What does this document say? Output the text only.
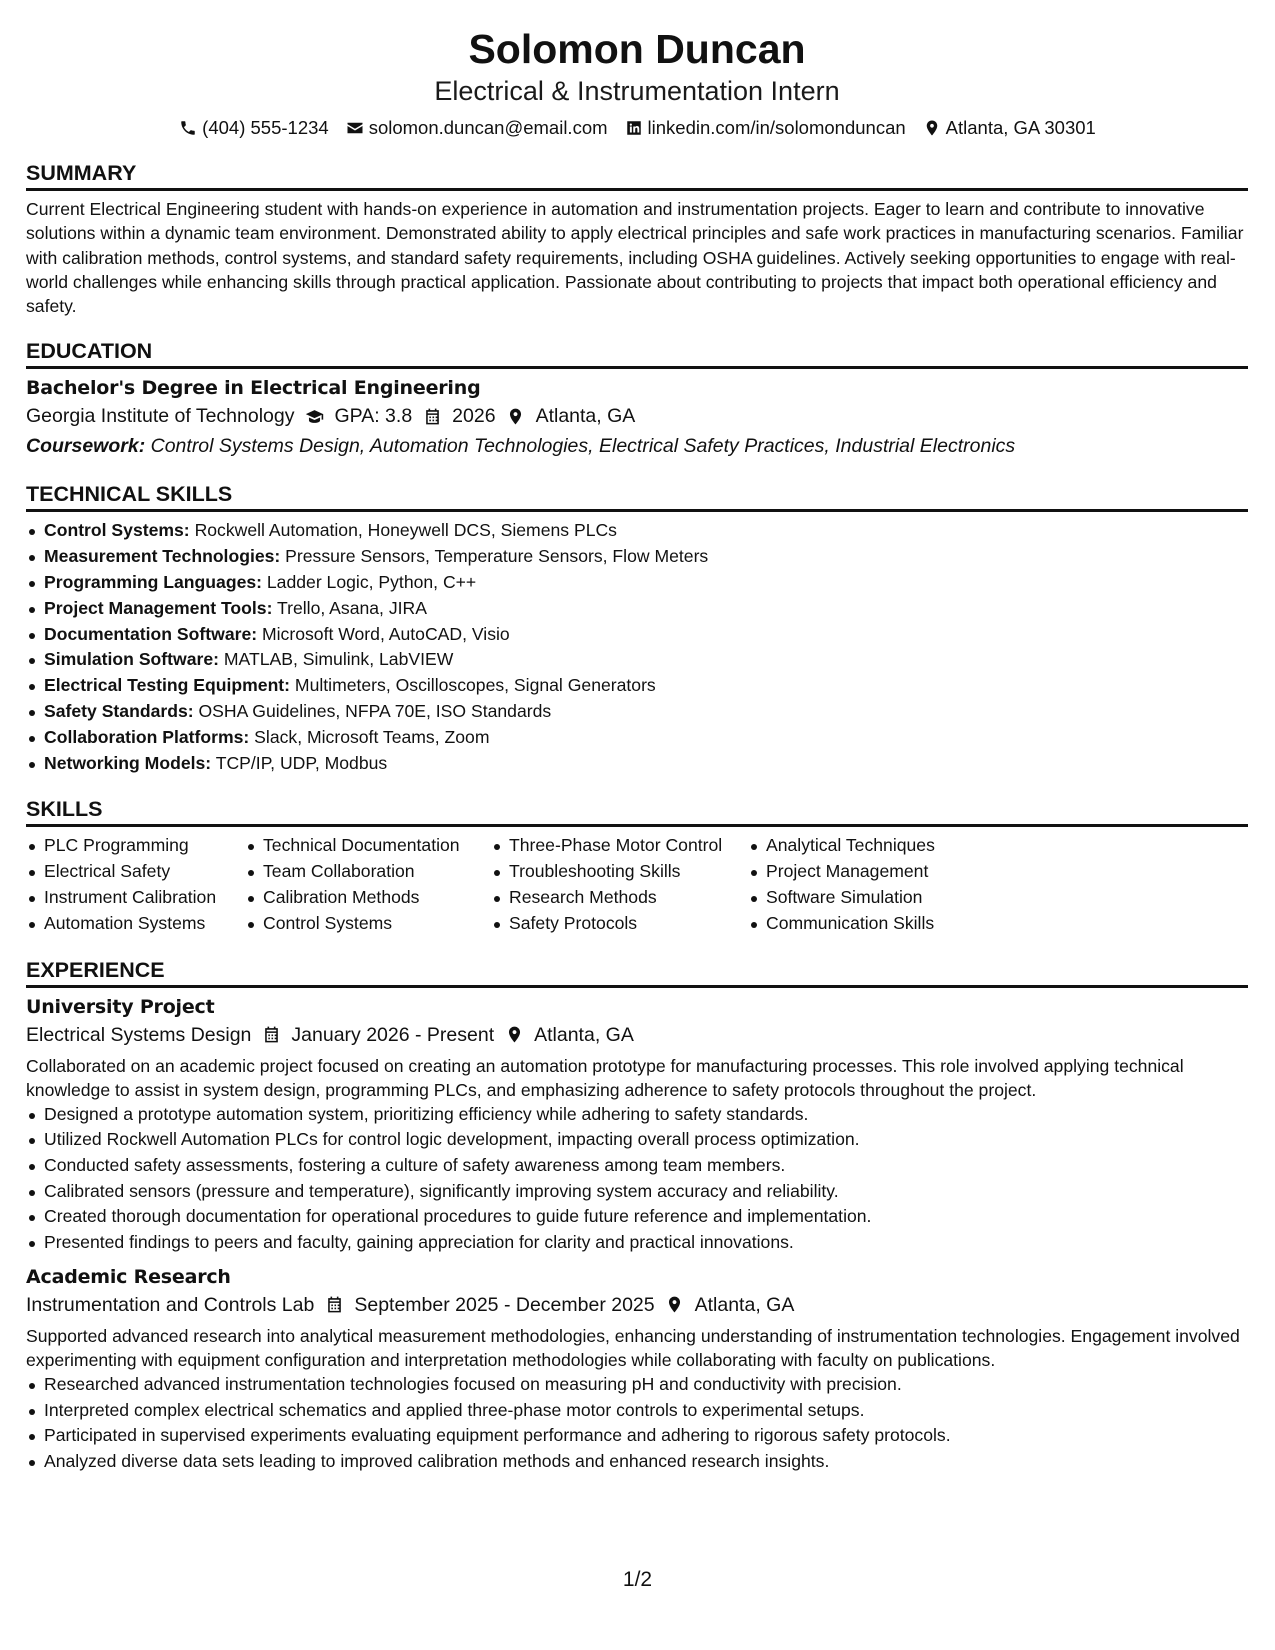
Solomon Duncan
Electrical & Instrumentation Intern
(404) 555-1234 solomon.duncan@email.com linkedin.com/in/solomonduncan Atlanta, GA 30301
SUMMARY
Current Electrical Engineering student with hands-on experience in automation and instrumentation projects. Eager to learn and contribute to innovative solutions within a dynamic team environment. Demonstrated ability to apply electrical principles and safe work practices in manufacturing scenarios. Familiar with calibration methods, control systems, and standard safety requirements, including OSHA guidelines. Actively seeking opportunities to engage with real-world challenges while enhancing skills through practical application. Passionate about contributing to projects that impact both operational efficiency and safety.
EDUCATION
Bachelor's Degree in Electrical Engineering
Georgia Institute of Technology GPA: 3.8 2026 Atlanta, GA
Coursework: Control Systems Design, Automation Technologies, Electrical Safety Practices, Industrial Electronics
TECHNICAL SKILLS
Control Systems: Rockwell Automation, Honeywell DCS, Siemens PLCs
Measurement Technologies: Pressure Sensors, Temperature Sensors, Flow Meters
Programming Languages: Ladder Logic, Python, C++
Project Management Tools: Trello, Asana, JIRA
Documentation Software: Microsoft Word, AutoCAD, Visio
Simulation Software: MATLAB, Simulink, LabVIEW
Electrical Testing Equipment: Multimeters, Oscilloscopes, Signal Generators
Safety Standards: OSHA Guidelines, NFPA 70E, ISO Standards
Collaboration Platforms: Slack, Microsoft Teams, Zoom
Networking Models: TCP/IP, UDP, Modbus
SKILLS
PLC Programming
Electrical Safety
Instrument Calibration
Automation Systems
Technical Documentation
Team Collaboration
Calibration Methods
Control Systems
Three-Phase Motor Control
Troubleshooting Skills
Research Methods
Safety Protocols
Analytical Techniques
Project Management
Software Simulation
Communication Skills
EXPERIENCE
University Project
Electrical Systems Design January 2026 - Present Atlanta, GA
Collaborated on an academic project focused on creating an automation prototype for manufacturing processes. This role involved applying technical knowledge to assist in system design, programming PLCs, and emphasizing adherence to safety protocols throughout the project.
Designed a prototype automation system, prioritizing efficiency while adhering to safety standards.
Utilized Rockwell Automation PLCs for control logic development, impacting overall process optimization.
Conducted safety assessments, fostering a culture of safety awareness among team members.
Calibrated sensors (pressure and temperature), significantly improving system accuracy and reliability.
Created thorough documentation for operational procedures to guide future reference and implementation.
Presented findings to peers and faculty, gaining appreciation for clarity and practical innovations.
Academic Research
Instrumentation and Controls Lab September 2025 - December 2025 Atlanta, GA
Supported advanced research into analytical measurement methodologies, enhancing understanding of instrumentation technologies. Engagement involved experimenting with equipment configuration and interpretation methodologies while collaborating with faculty on publications.
Researched advanced instrumentation technologies focused on measuring pH and conductivity with precision.
Interpreted complex electrical schematics and applied three-phase motor controls to experimental setups.
Participated in supervised experiments evaluating equipment performance and adhering to rigorous safety protocols.
Analyzed diverse data sets leading to improved calibration methods and enhanced research insights.
1/2
